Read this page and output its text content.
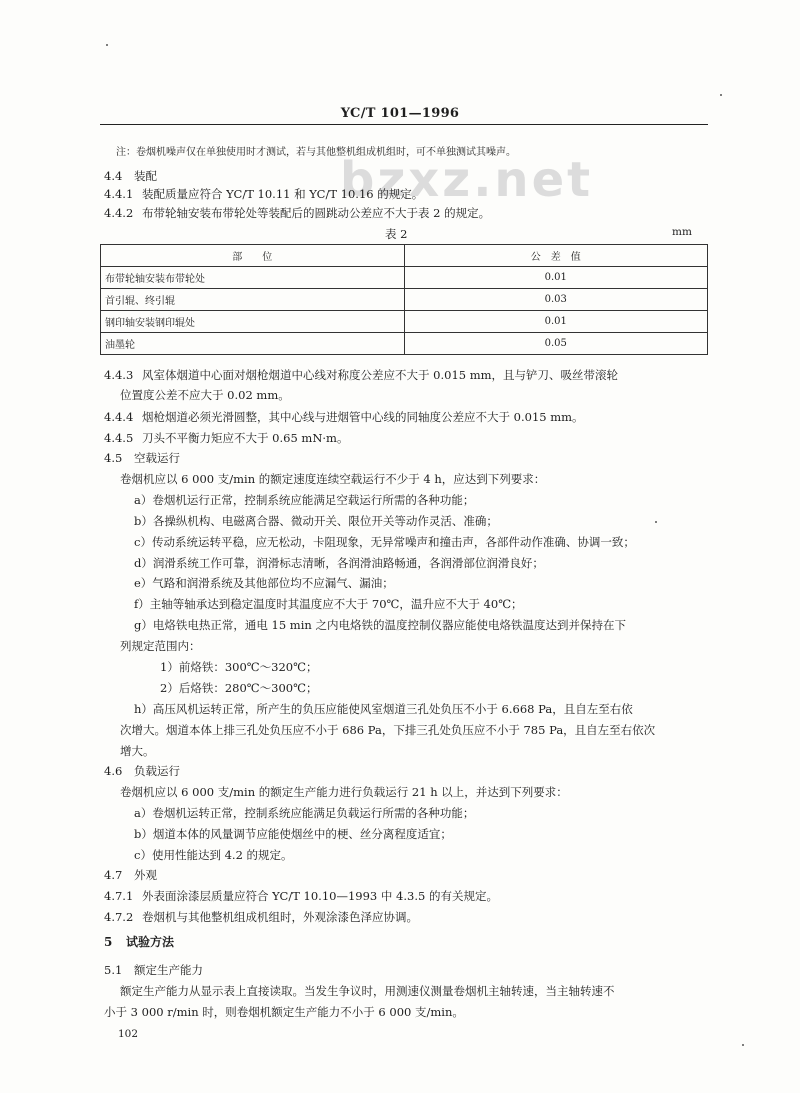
bzxz.net
YC/T 101—1996
注：卷烟机噪声仅在单独使用时才测试，若与其他整机组成机组时，可不单独测试其噪声。
4.4 装配
4.4.1 装配质量应符合 YC/T 10.11 和 YC/T 10.16 的规定。
4.4.2 布带轮轴安装布带轮处等装配后的圆跳动公差应不大于表 2 的规定。
表 2	mm
部　　位	公　差　值
布带轮轴安装布带轮处	0.01
首引辊、终引辊	0.03
钢印轴安装钢印辊处	0.01
油墨轮	0.05
4.4.3 风室体烟道中心面对烟枪烟道中心线对称度公差应不大于 0.015 mm，且与铲刀、吸丝带滚轮
位置度公差不应大于 0.02 mm。
4.4.4 烟枪烟道必须光滑圆整，其中心线与进烟管中心线的同轴度公差应不大于 0.015 mm。
4.4.5 刀头不平衡力矩应不大于 0.65 mN·m。
4.5 空载运行
卷烟机应以 6 000 支/min 的额定速度连续空载运行不少于 4 h，应达到下列要求：
a）卷烟机运行正常，控制系统应能满足空载运行所需的各种功能；
b）各操纵机构、电磁离合器、微动开关、限位开关等动作灵活、准确；
c）传动系统运转平稳，应无松动，卡阻现象，无异常噪声和撞击声，各部件动作准确、协调一致；
d）润滑系统工作可靠，润滑标志清晰，各润滑油路畅通，各润滑部位润滑良好；
e）气路和润滑系统及其他部位均不应漏气、漏油；
f）主轴等轴承达到稳定温度时其温度应不大于 70℃，温升应不大于 40℃；
g）电烙铁电热正常，通电 15 min 之内电烙铁的温度控制仪器应能使电烙铁温度达到并保持在下
列规定范围内：
1）前烙铁：300℃～320℃；
2）后烙铁：280℃～300℃；
h）高压风机运转正常，所产生的负压应能使风室烟道三孔处负压不小于 6.668 Pa，且自左至右依
次增大。烟道本体上排三孔处负压应不小于 686 Pa，下排三孔处负压应不小于 785 Pa，且自左至右依次
增大。
4.6 负载运行
卷烟机应以 6 000 支/min 的额定生产能力进行负载运行 21 h 以上，并达到下列要求：
a）卷烟机运转正常，控制系统应能满足负载运行所需的各种功能；
b）烟道本体的风量调节应能使烟丝中的梗、丝分离程度适宜；
c）使用性能达到 4.2 的规定。
4.7 外观
4.7.1 外表面涂漆层质量应符合 YC/T 10.10—1993 中 4.3.5 的有关规定。
4.7.2 卷烟机与其他整机组成机组时，外观涂漆色泽应协调。
5 试验方法
5.1 额定生产能力
额定生产能力从显示表上直接读取。当发生争议时，用测速仪测量卷烟机主轴转速，当主轴转速不
小于 3 000 r/min 时，则卷烟机额定生产能力不小于 6 000 支/min。
102
